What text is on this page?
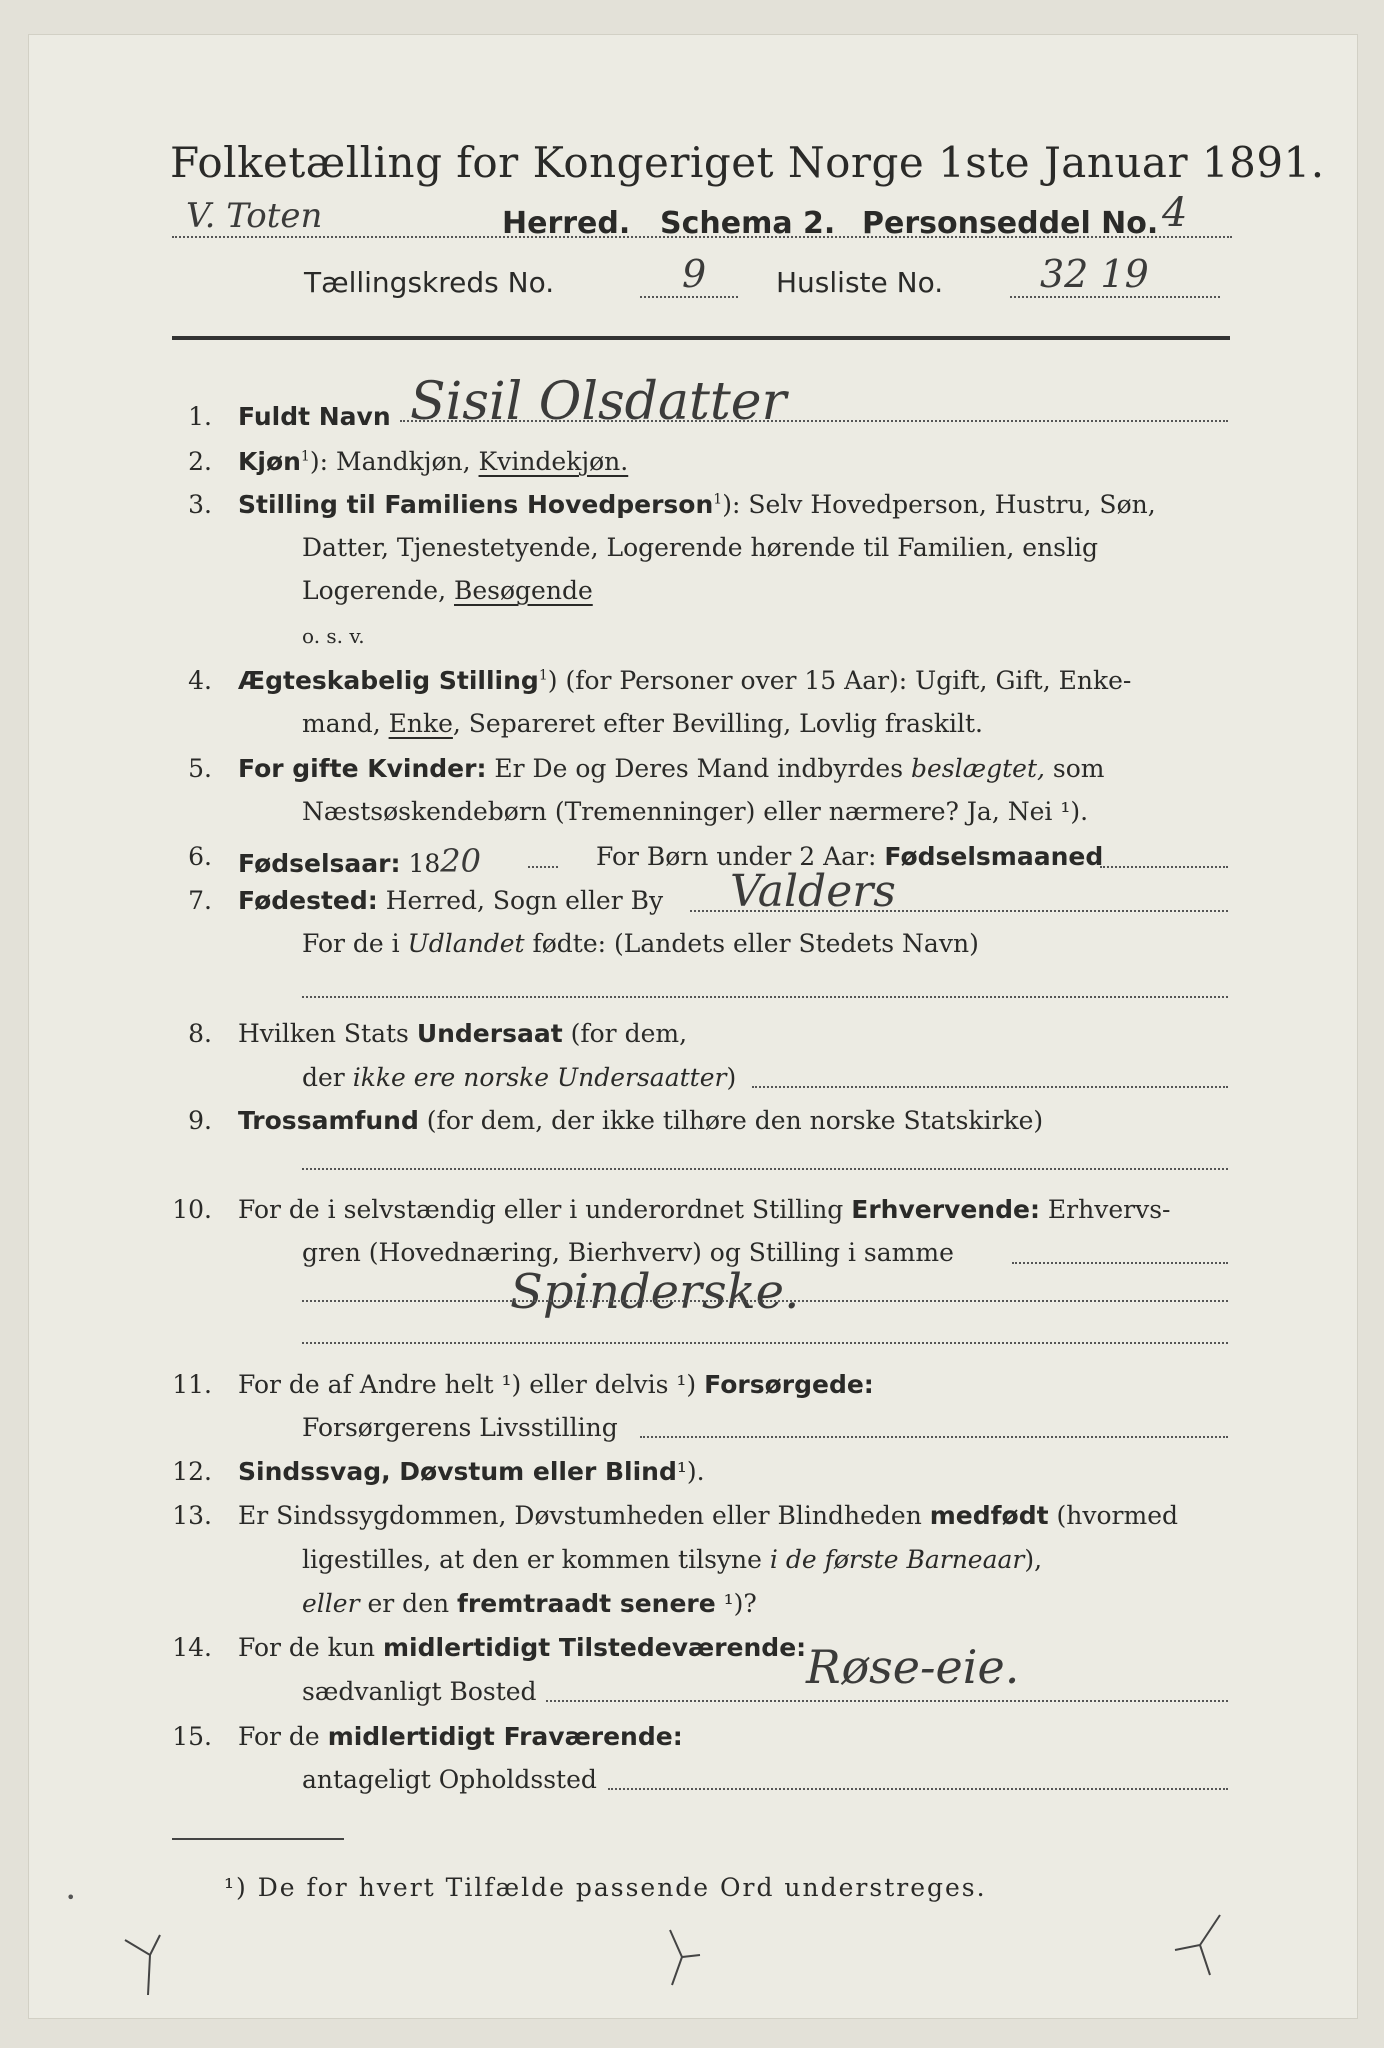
Folketælling for Kongeriget Norge 1ste Januar 1891.
V. Toten	Herred. Schema 2. Personseddel No. 4
Tællingskreds No.	9 Husliste No.	32 19
1. Fuldt Navn Sisil Olsdatter
2. Kjøn$^1$): Mandkjøn, Kvindekjøn.
3. Stilling til Familiens Hovedperson$^1$): Selv Hovedperson, Hustru, Søn,
Datter, Tjenestetyende, Logerende hørende til Familien, enslig
Logerende, Besøgende
o. s. v.
4. Ægteskabelig Stilling$^1$) (for Personer over 15 Aar): Ugift, Gift, Enke-
mand, Enke, Separeret efter Bevilling, Lovlig fraskilt.
5. For gifte Kvinder: Er De og Deres Mand indbyrdes beslægtet, som
Næstsøskendebørn (Tremenninger) eller nærmere? Ja, Nei ¹).
6. Fødselsaar: 1820	For Børn under 2 Aar: Fødselsmaaned
7. Fødested: Herred, Sogn eller By Valders
For de i Udlandet fødte: (Landets eller Stedets Navn)
8. Hvilken Stats Undersaat (for dem,
der ikke ere norske Undersaatter)
9. Trossamfund (for dem, der ikke tilhøre den norske Statskirke)
10. For de i selvstændig eller i underordnet Stilling Erhvervende: Erhvervs-
gren (Hovednæring, Bierhverv) og Stilling i samme
Spinderske.
11. For de af Andre helt ¹) eller delvis ¹) Forsørgede:
Forsørgerens Livsstilling
12. Sindssvag, Døvstum eller Blind¹).
13. Er Sindssygdommen, Døvstumheden eller Blindheden medfødt (hvormed
ligestilles, at den er kommen tilsyne i de første Barneaar),
eller er den fremtraadt senere ¹)?
14. For de kun midlertidigt Tilstedeværende:
sædvanligt Bosted	Røse-eie.
15. For de midlertidigt Fraværende:
antageligt Opholdssted
¹) De for hvert Tilfælde passende Ord understreges.
•
